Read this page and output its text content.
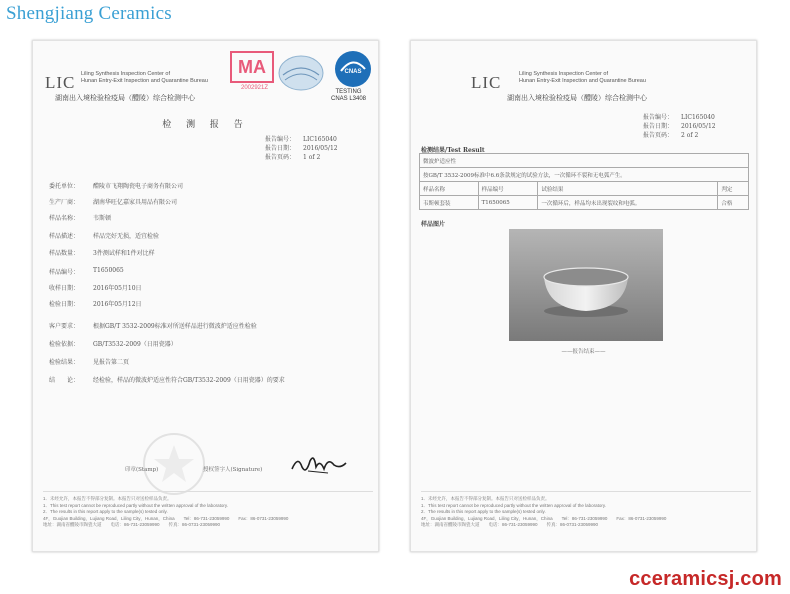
Shengjiang Ceramics
LIC Liling Synthesis Inspection Center of
Hunan Entry-Exit Inspection and Quarantine Bureau
湖南出入境检验检疫局（醴陵）综合检测中心
MA
2002921Z
CNAS
TESTING
CNAS L3408
检 测 报 告
报告编号： LIC165040
报告日期： 2016/05/12
报告页码： 1 of 2
委托单位： 醴陵市飞翔陶瓷电子商务有限公司
生产厂商： 湖南华旺亿嘉家具用品有限公司
样品名称： 韦斯顿
样品描述： 样品完好无损，适宜检验
样品数量： 3件测试样和1件对比样
样品编号： T1650065
收样日期： 2016年05月10日
检验日期： 2016年05月12日
客户要求： 根据GB/T 3532-2009标准对所送样品进行微波炉适应性检验
检验依据： GB/T3532-2009（日用瓷器）
检验结果： 见报告第二页
结　　论： 经检验，样品的微波炉适应性符合GB/T3532-2009（日用瓷器）的要求
印章(Stamp)	授权签字人(Signature)
1．未经允许，本报告不得部分复制。本报告只对送检样品负责。
1．This test report cannot be reproduced partly without the written approval of the laboratory.
2．The results in this report apply to the sample(s) tested only.
4F，Guojian Building，Lujiang Road，Liling City，Hunan，China　　Tel：86-731-23059990　　Fax：86-0731-23059990
地址：湖南省醴陵市陶瓷大道　　电话：86-731-23059990　　传真：86-0731-23059990
LIC	Liling Synthesis Inspection Center of
Hunan Entry-Exit Inspection and Quarantine Bureau
湖南出入境检验检疫局（醴陵）综合检测中心
报告编号： LIC165040
报告日期： 2016/05/12
报告页码： 2 of 2
检测结果/Test Result
微波炉适应性			
按GB/T 3532-2009标准中6.6条款规定的试验方法，一次循环不裂和无电弧产生。			
样品名称	样品编号	试验结果	判定
韦斯顿套装	T1650065	一次循环后，样品均未出现裂纹和电弧。	合格
样品图片
——报告结束——
1．未经允许，本报告不得部分复制。本报告只对送检样品负责。
1．This test report cannot be reproduced partly without the written approval of the laboratory.
2．The results in this report apply to the sample(s) tested only.
4F，Guojian Building，Lujiang Road，Liling City，Hunan，China　　Tel：86-731-23059990　　Fax：86-0731-23059990
地址：湖南省醴陵市陶瓷大道　　电话：86-731-23059990　　传真：86-0731-23059990
cceramicsj.com
